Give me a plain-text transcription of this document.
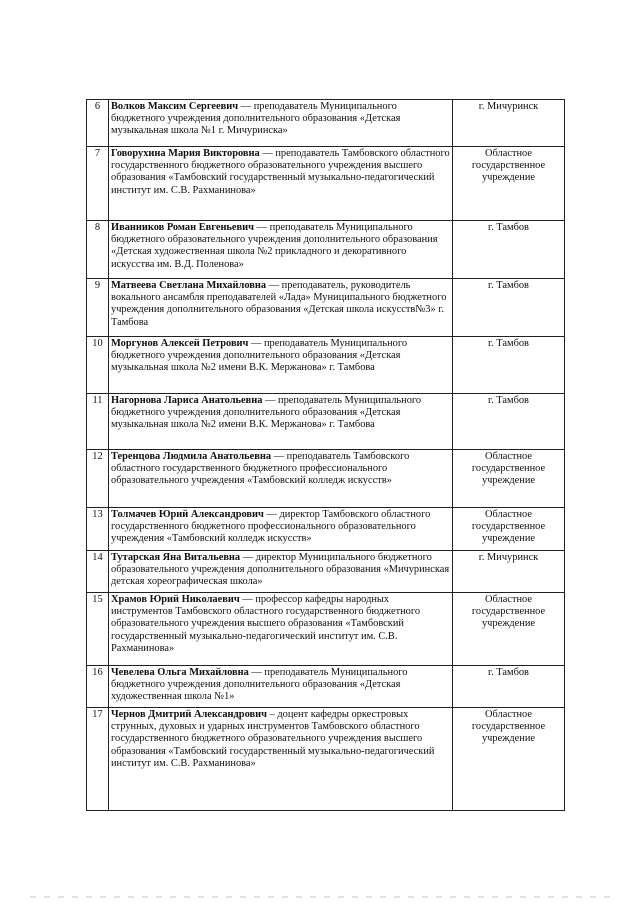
6	Волков Максим Сергеевич — преподаватель Муниципального бюджетного учреждения дополнительного образования «Детская музыкальная школа №1 г. Мичуринска»	г. Мичуринск
7	Говорухина Мария Викторовна — преподаватель Тамбовского областного государственного бюджетного образовательного учреждения высшего образования «Тамбовский государственный музыкально-педагогический институт им. С.В. Рахманинова»	Областное государственное учреждение
8	Иванников Роман Евгеньевич — преподаватель Муниципального бюджетного образовательного учреждения дополнительного образования «Детская художественная школа №2 прикладного и декоративного искусства им. В.Д. Поленова»	г. Тамбов
9	Матвеева Светлана Михайловна — преподаватель, руководитель вокального ансамбля преподавателей «Лада» Муниципального бюджетного учреждения дополнительного образования «Детская школа искусств№3» г. Тамбова	г. Тамбов
10	Моргунов Алексей Петрович — преподаватель Муниципального бюджетного учреждения дополнительного образования «Детская музыкальная школа №2 имени В.К. Мержанова» г. Тамбова	г. Тамбов
11	Нагорнова Лариса Анатольевна — преподаватель Муниципального бюджетного учреждения дополнительного образования «Детская музыкальная школа №2 имени В.К. Мержанова» г. Тамбова	г. Тамбов
12	Теренцова Людмила Анатольевна — преподаватель Тамбовского областного государственного бюджетного профессионального образовательного учреждения «Тамбовский колледж искусств»	Областное государственное учреждение
13	Толмачев Юрий Александрович — директор Тамбовского областного государственного бюджетного профессионального образовательного учреждения «Тамбовский колледж искусств»	Областное государственное учреждение
14	Тутарская Яна Витальевна — директор Муниципального бюджетного образовательного учреждения дополнительного образования «Мичуринская детская хореографическая школа»	г. Мичуринск
15	Храмов Юрий Николаевич — профессор кафедры народных инструментов Тамбовского областного государственного бюджетного образовательного учреждения высшего образования «Тамбовский государственный музыкально-педагогический институт им. С.В. Рахманинова»	Областное государственное учреждение
16	Чевелева Ольга Михайловна — преподаватель Муниципального бюджетного учреждения дополнительного образования «Детская художественная школа №1»	г. Тамбов
17	Чернов Дмитрий Александрович – доцент кафедры оркестровых струнных, духовых и ударных инструментов Тамбовского областного государственного бюджетного образовательного учреждения высшего образования «Тамбовский государственный музыкально-педагогический институт им. С.В. Рахманинова»	Областное государственное учреждение
